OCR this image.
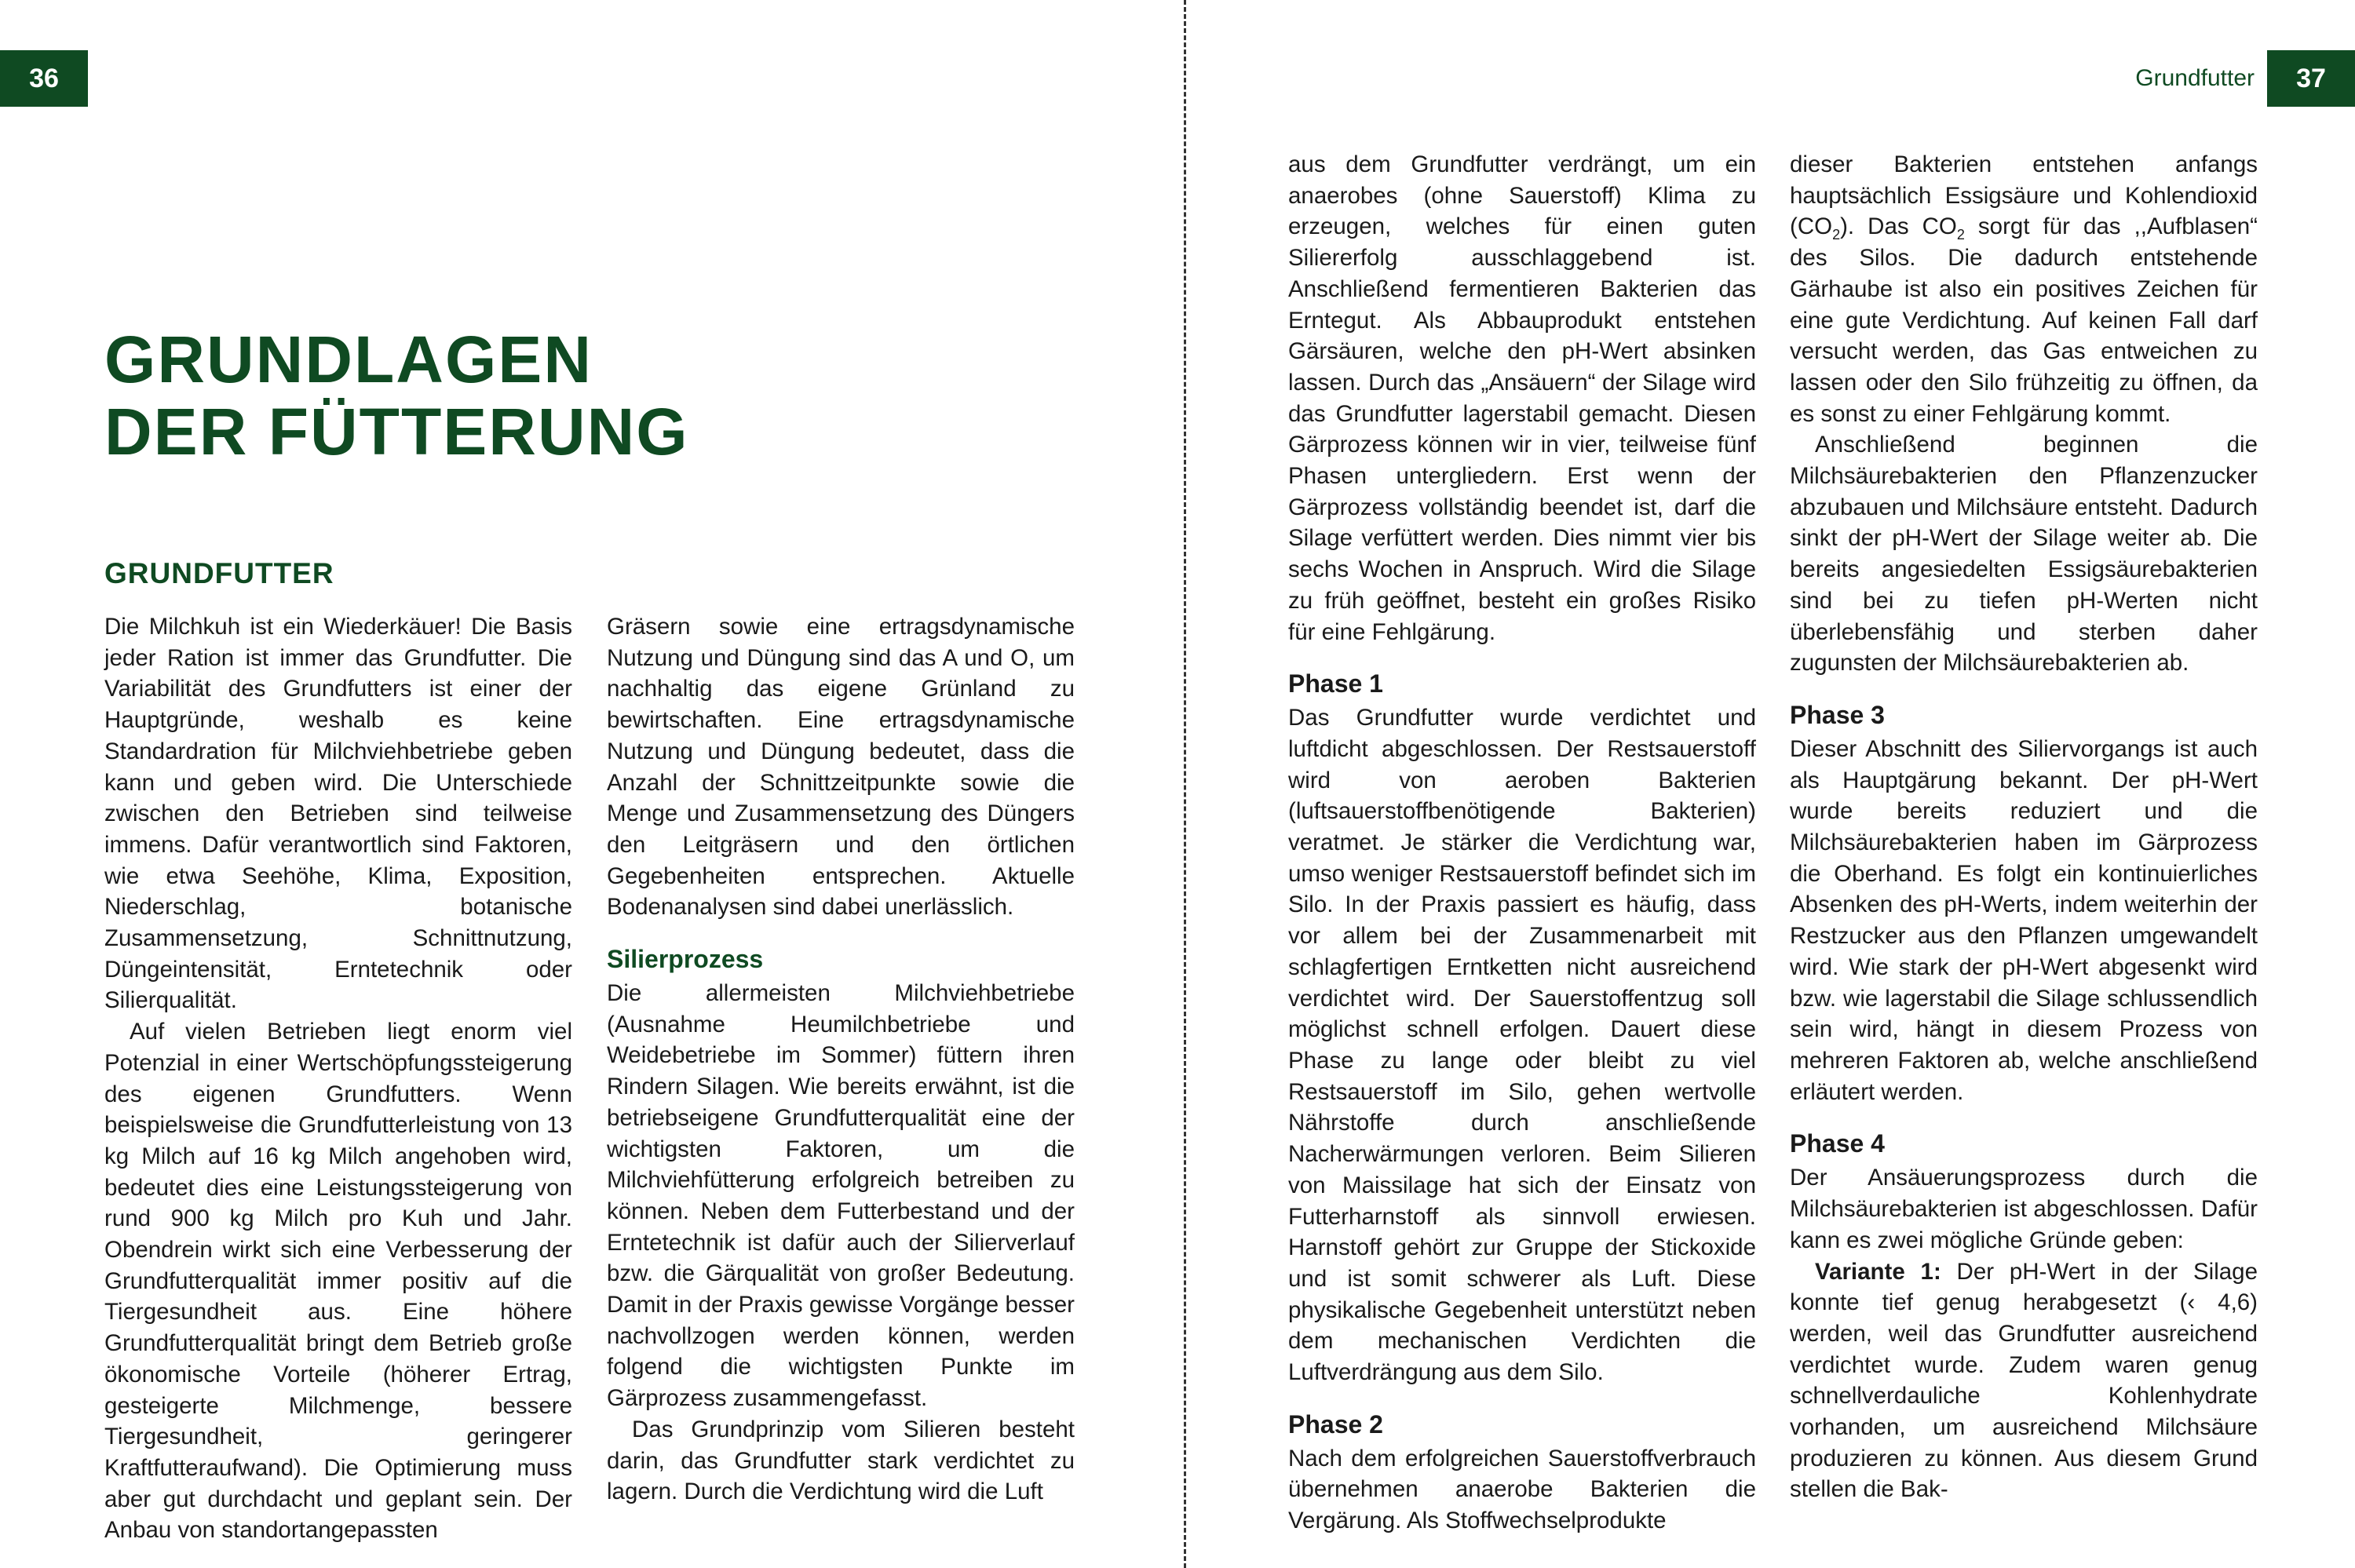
36	Grundfutter	37
GRUNDLAGEN
DER FÜTTERUNG
GRUNDFUTTER

Die Milchkuh ist ein Wiederkäuer! Die Basis jeder Ration ist immer das Grundfutter. Die Variabilität des Grundfutters ist einer der Hauptgründe, weshalb es keine Standardration für Milchviehbetriebe geben kann und geben wird. Die Unterschiede zwischen den Betrieben sind teilweise immens. Dafür verantwortlich sind Faktoren, wie etwa Seehöhe, Klima, Exposition, Niederschlag, botanische Zusammensetzung, Schnittnutzung, Düngeintensität, Erntetechnik oder Silierqualität.

Auf vielen Betrieben liegt enorm viel Potenzial in einer Wertschöpfungssteigerung des eigenen Grundfutters. Wenn beispielsweise die Grundfutterleistung von 13 kg Milch auf 16 kg Milch angehoben wird, bedeutet dies eine Leistungssteigerung von rund 900 kg Milch pro Kuh und Jahr. Obendrein wirkt sich eine Verbesserung der Grundfutterqualität immer positiv auf die Tiergesundheit aus. Eine höhere Grundfutterqualität bringt dem Betrieb große ökonomische Vorteile (höherer Ertrag, gesteigerte Milchmenge, bessere Tiergesundheit, geringerer Kraftfutteraufwand). Die Optimierung muss aber gut durchdacht und geplant sein. Der Anbau von standortangepassten

Gräsern sowie eine ertragsdynamische Nutzung und Düngung sind das A und O, um nachhaltig das eigene Grünland zu bewirtschaften. Eine ertragsdynamische Nutzung und Düngung bedeutet, dass die Anzahl der Schnittzeitpunkte sowie die Menge und Zusammensetzung des Düngers den Leitgräsern und den örtlichen Gegebenheiten entsprechen. Aktuelle Bodenanalysen sind dabei unerlässlich.

Silierprozess

Die allermeisten Milchviehbetriebe (Ausnahme Heumilchbetriebe und Weidebetriebe im Sommer) füttern ihren Rindern Silagen. Wie bereits erwähnt, ist die betriebseigene Grundfutterqualität eine der wichtigsten Faktoren, um die Milchviehfütterung erfolgreich betreiben zu können. Neben dem Futterbestand und der Erntetechnik ist dafür auch der Silierverlauf bzw. die Gärqualität von großer Bedeutung. Damit in der Praxis gewisse Vorgänge besser nachvollzogen werden können, werden folgend die wichtigsten Punkte im Gärprozess zusammengefasst.

Das Grundprinzip vom Silieren besteht darin, das Grundfutter stark verdichtet zu lagern. Durch die Verdichtung wird die Luft

aus dem Grundfutter verdrängt, um ein anaerobes (ohne Sauerstoff) Klima zu erzeugen, welches für einen guten Siliererfolg ausschlaggebend ist. Anschließend fermentieren Bakterien das Erntegut. Als Abbauprodukt entstehen Gärsäuren, welche den pH-Wert absinken lassen. Durch das „Ansäuern“ der Silage wird das Grundfutter lagerstabil gemacht. Diesen Gärprozess können wir in vier, teilweise fünf Phasen untergliedern. Erst wenn der Gärprozess vollständig beendet ist, darf die Silage verfüttert werden. Dies nimmt vier bis sechs Wochen in Anspruch. Wird die Silage zu früh geöffnet, besteht ein großes Risiko für eine Fehlgärung.

Phase 1

Das Grundfutter wurde verdichtet und luftdicht abgeschlossen. Der Restsauerstoff wird von aeroben Bakterien (luftsauerstoffbenötigende Bakterien) veratmet. Je stärker die Verdichtung war, umso weniger Restsauerstoff befindet sich im Silo. In der Praxis passiert es häufig, dass vor allem bei der Zusammenarbeit mit schlagfertigen Erntketten nicht ausreichend verdichtet wird. Der Sauerstoffentzug soll möglichst schnell erfolgen. Dauert diese Phase zu lange oder bleibt zu viel Restsauerstoff im Silo, gehen wertvolle Nährstoffe durch anschließende Nacherwärmungen verloren. Beim Silieren von Maissilage hat sich der Einsatz von Futterharnstoff als sinnvoll erwiesen. Harnstoff gehört zur Gruppe der Stickoxide und ist somit schwerer als Luft. Diese physikalische Gegebenheit unterstützt neben dem mechanischen Verdichten die Luftverdrängung aus dem Silo.

Phase 2

Nach dem erfolgreichen Sauerstoffverbrauch übernehmen anaerobe Bakterien die Vergärung. Als Stoffwechselprodukte

dieser Bakterien entstehen anfangs hauptsächlich Essigsäure und Kohlendioxid $(CO_2)$. Das $CO_2$ sorgt für das ,,Aufblasen“ des Silos. Die dadurch entstehende Gärhaube ist also ein positives Zeichen für eine gute Verdichtung. Auf keinen Fall darf versucht werden, das Gas entweichen zu lassen oder den Silo frühzeitig zu öffnen, da es sonst zu einer Fehlgärung kommt.

Anschließend beginnen die Milchsäurebakterien den Pflanzenzucker abzubauen und Milchsäure entsteht. Dadurch sinkt der pH-Wert der Silage weiter ab. Die bereits angesiedelten Essigsäurebakterien sind bei zu tiefen pH-Werten nicht überlebensfähig und sterben daher zugunsten der Milchsäurebakterien ab.

Phase 3

Dieser Abschnitt des Siliervorgangs ist auch als Hauptgärung bekannt. Der pH-Wert wurde bereits reduziert und die Milchsäurebakterien haben im Gärprozess die Oberhand. Es folgt ein kontinuierliches Absenken des pH-Werts, indem weiterhin der Restzucker aus den Pflanzen umgewandelt wird. Wie stark der pH-Wert abgesenkt wird bzw. wie lagerstabil die Silage schlussendlich sein wird, hängt in diesem Prozess von mehreren Faktoren ab, welche anschließend erläutert werden.

Phase 4

Der Ansäuerungsprozess durch die Milchsäurebakterien ist abgeschlossen. Dafür kann es zwei mögliche Gründe geben:

Variante 1: Der pH-Wert in der Silage konnte tief genug herabgesetzt (‹ 4,6) werden, weil das Grundfutter ausreichend verdichtet wurde. Zudem waren genug schnellverdauliche Kohlenhydrate vorhanden, um ausreichend Milchsäure produzieren zu können. Aus diesem Grund stellen die Bak-
